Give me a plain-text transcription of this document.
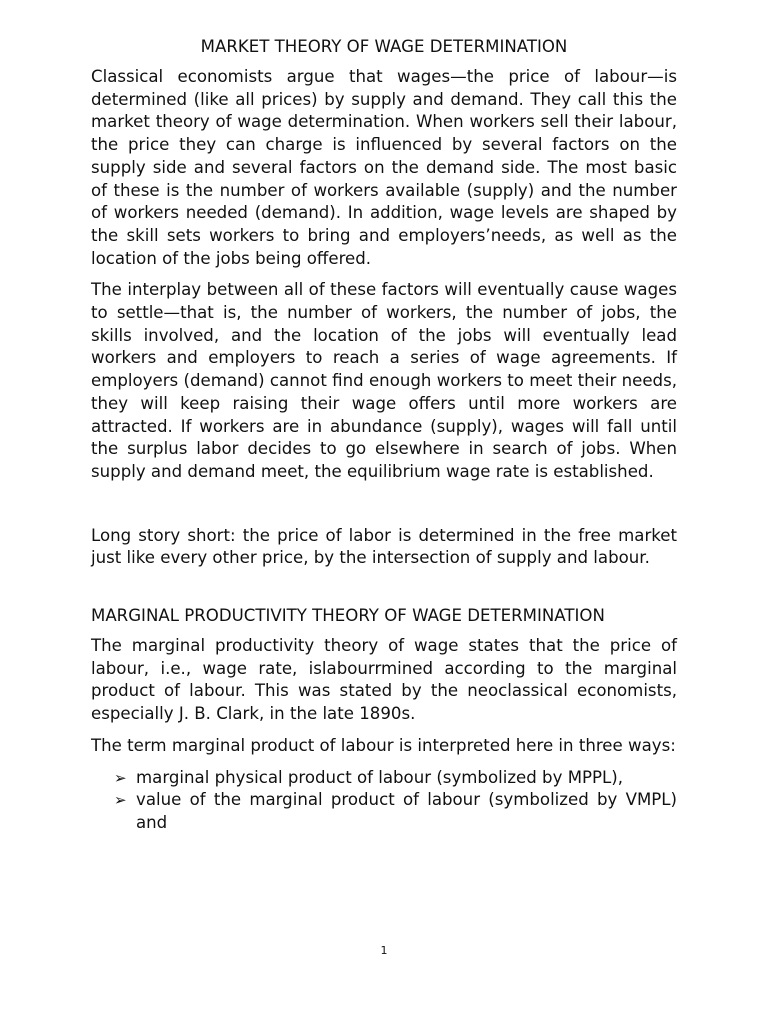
MARKET THEORY OF WAGE DETERMINATION

Classical economists argue that wages—the price of labour—is determined (like all prices) by supply and demand. They call this the market theory of wage determination. When workers sell their labour, the price they can charge is influenced by several factors on the supply side and several factors on the demand side. The most basic of these is the number of workers available (supply) and the number of workers needed (demand). In addition, wage levels are shaped by the skill sets workers to bring and employers’needs, as well as the location of the jobs being offered.

The interplay between all of these factors will eventually cause wages to settle—that is, the number of workers, the number of jobs, the skills involved, and the location of the jobs will eventually lead workers and employers to reach a series of wage agreements. If employers (demand) cannot find enough workers to meet their needs, they will keep raising their wage offers until more workers are attracted. If workers are in abundance (supply), wages will fall until the surplus labor decides to go elsewhere in search of jobs. When supply and demand meet, the equilibrium wage rate is established.

Long story short: the price of labor is determined in the free market just like every other price, by the intersection of supply and labour.

MARGINAL PRODUCTIVITY THEORY OF WAGE DETERMINATION

The marginal productivity theory of wage states that the price of labour, i.e., wage rate, islabourrmined according to the marginal product of labour. This was stated by the neoclassical economists, especially J. B. Clark, in the late 1890s.

The term marginal product of labour is interpreted here in three ways:

➢ marginal physical product of labour (symbolized by MPPL),
➢ value of the marginal product of labour (symbolized by VMPL) and
1
